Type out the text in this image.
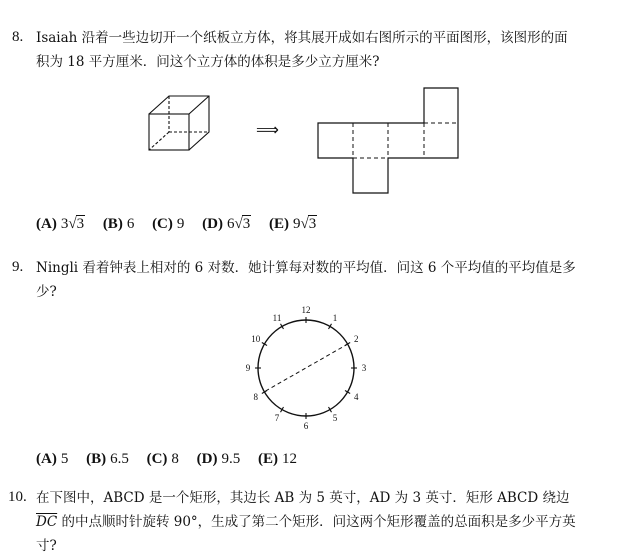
8. Isaiah 沿着一些边切开一个纸板立方体，将其展开成如右图所示的平面图形，该图形的面
积为 18 平方厘米．问这个立方体的体积是多少立方厘米?
⟹
(A) 3√3 (B) 6 (C) 9 (D) 6√3 (E) 9√3
9. Ningli 看着钟表上相对的 6 对数．她计算每对数的平均值．问这 6 个平均值的平均值是多
少?
12
1
2
3
4
5
6
7
8
9
10
11
(A) 5 (B) 6.5 (C) 8 (D) 9.5 (E) 12
10. 在下图中，ABCD 是一个矩形，其边长 AB 为 5 英寸，AD 为 3 英寸．矩形 ABCD 绕边
$\overline{DC}$ 的中点顺时针旋转 90°，生成了第二个矩形．问这两个矩形覆盖的总面积是多少平方英
寸?
